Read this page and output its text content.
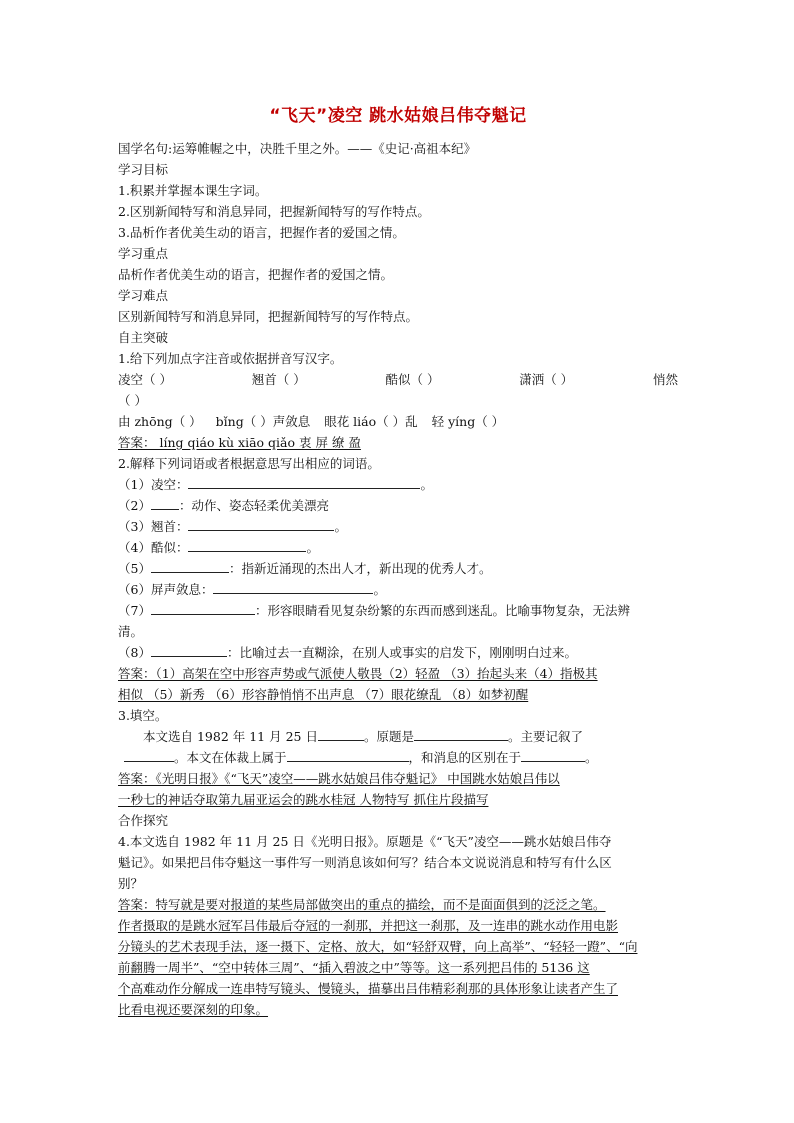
“飞天”凌空 跳水姑娘吕伟夺魁记
国学名句:运筹帷幄之中，决胜千里之外。——《史记·高祖本纪》
学习目标
1.积累并掌握本课生字词。
2.区别新闻特写和消息异同，把握新闻特写的写作特点。
3.品析作者优美生动的语言，把握作者的爱国之情。
学习重点
品析作者优美生动的语言，把握作者的爱国之情。
学习难点
区别新闻特写和消息异同，把握新闻特写的写作特点。
自主突破
1.给下列加点字注音或依据拼音写汉字。
凌空（ ）	翘首（ ）	酷似（ ）	潇洒（ ）	悄然
（ ）
由 zhōng（ ） bǐng（ ）声敛息 眼花 liáo（ ）乱 轻 yíng（ ）
答案： líng qiáo kù xiāo qiǎo 衷 屏 缭 盈
2.解释下列词语或者根据意思写出相应的词语。
（1）凌空：	。
（2） ：动作、姿态轻柔优美漂亮
（3）翘首：	。
（4）酷似：	。
（5）	：指新近涌现的杰出人才，新出现的优秀人才。
（6）屏声敛息：	。
（7）	：形容眼睛看见复杂纷繁的东西而感到迷乱。比喻事物复杂，无法辨
清。
（8）	：比喻过去一直糊涂，在别人或事实的启发下，刚刚明白过来。
答案：（1）高架在空中形容声势或气派使人敬畏（2）轻盈 （3）抬起头来（4）指极其
相似 （5）新秀 （6）形容静悄悄不出声息 （7）眼花缭乱 （8）如梦初醒
3.填空。
本文选自 1982 年 11 月 25 日	。原题是	。主要记叙了
。本文在体裁上属于	，和消息的区别在于	。
答案：《光明日报》《“飞天”凌空——跳水姑娘吕伟夺魁记》 中国跳水姑娘吕伟以
一秒七的神话夺取第九届亚运会的跳水桂冠 人物特写 抓住片段描写
合作探究
4.本文选自 1982 年 11 月 25 日《光明日报》。原题是《“飞天”凌空——跳水姑娘吕伟夺
魁记》。如果把吕伟夺魁这一事件写一则消息该如何写？结合本文说说消息和特写有什么区
别？
答案：特写就是要对报道的某些局部做突出的重点的描绘，而不是面面俱到的泛泛之笔。
作者摄取的是跳水冠军吕伟最后夺冠的一刹那，并把这一刹那，及一连串的跳水动作用电影
分镜头的艺术表现手法，逐一摄下、定格、放大，如“轻舒双臂，向上高举”、“轻轻一蹬”、“向
前翻腾一周半”、“空中转体三周”、“插入碧波之中”等等。这一系列把吕伟的 5136 这
个高难动作分解成一连串特写镜头、慢镜头，描摹出吕伟精彩刹那的具体形象让读者产生了
比看电视还要深刻的印象。
